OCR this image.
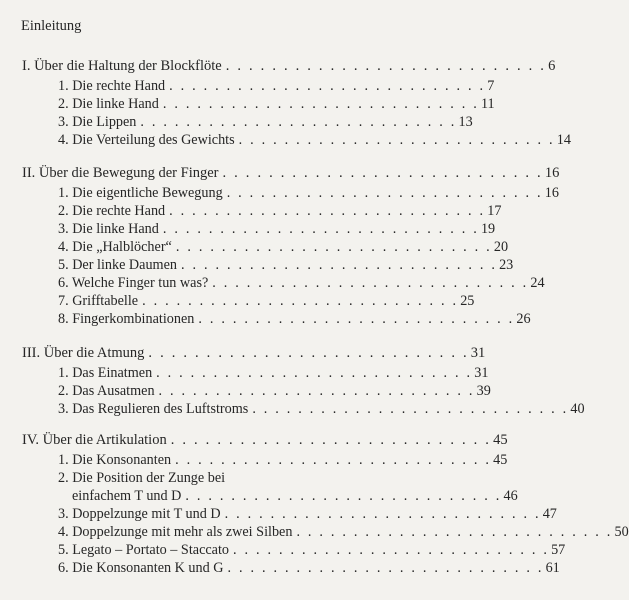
Einleitung
I. Über die Haltung der Blockflöte . . . . . . . . . . . . . . . . . . . . . . . . . . . . 6
1. Die rechte Hand . . . . . . . . . . . . . . . . . . . . . . . . . . . . 7
2. Die linke Hand . . . . . . . . . . . . . . . . . . . . . . . . . . . . 11
3. Die Lippen . . . . . . . . . . . . . . . . . . . . . . . . . . . . 13
4. Die Verteilung des Gewichts . . . . . . . . . . . . . . . . . . . . . . . . . . . . 14
II. Über die Bewegung der Finger . . . . . . . . . . . . . . . . . . . . . . . . . . . . 16
1. Die eigentliche Bewegung . . . . . . . . . . . . . . . . . . . . . . . . . . . . 16
2. Die rechte Hand . . . . . . . . . . . . . . . . . . . . . . . . . . . . 17
3. Die linke Hand . . . . . . . . . . . . . . . . . . . . . . . . . . . . 19
4. Die „Halblöcher“ . . . . . . . . . . . . . . . . . . . . . . . . . . . . 20
5. Der linke Daumen . . . . . . . . . . . . . . . . . . . . . . . . . . . . 23
6. Welche Finger tun was? . . . . . . . . . . . . . . . . . . . . . . . . . . . . 24
7. Grifftabelle . . . . . . . . . . . . . . . . . . . . . . . . . . . . 25
8. Fingerkombinationen . . . . . . . . . . . . . . . . . . . . . . . . . . . . 26
III. Über die Atmung . . . . . . . . . . . . . . . . . . . . . . . . . . . . 31
1. Das Einatmen . . . . . . . . . . . . . . . . . . . . . . . . . . . . 31
2. Das Ausatmen . . . . . . . . . . . . . . . . . . . . . . . . . . . . 39
3. Das Regulieren des Luftstroms . . . . . . . . . . . . . . . . . . . . . . . . . . . . 40
IV. Über die Artikulation . . . . . . . . . . . . . . . . . . . . . . . . . . . . 45
1. Die Konsonanten . . . . . . . . . . . . . . . . . . . . . . . . . . . . 45
2. Die Position der Zunge bei
einfachem T und D . . . . . . . . . . . . . . . . . . . . . . . . . . . . 46
3. Doppelzunge mit T und D . . . . . . . . . . . . . . . . . . . . . . . . . . . . 47
4. Doppelzunge mit mehr als zwei Silben . . . . . . . . . . . . . . . . . . . . . . . . . . . . 50
5. Legato – Portato – Staccato . . . . . . . . . . . . . . . . . . . . . . . . . . . . 57
6. Die Konsonanten K und G . . . . . . . . . . . . . . . . . . . . . . . . . . . . 61
